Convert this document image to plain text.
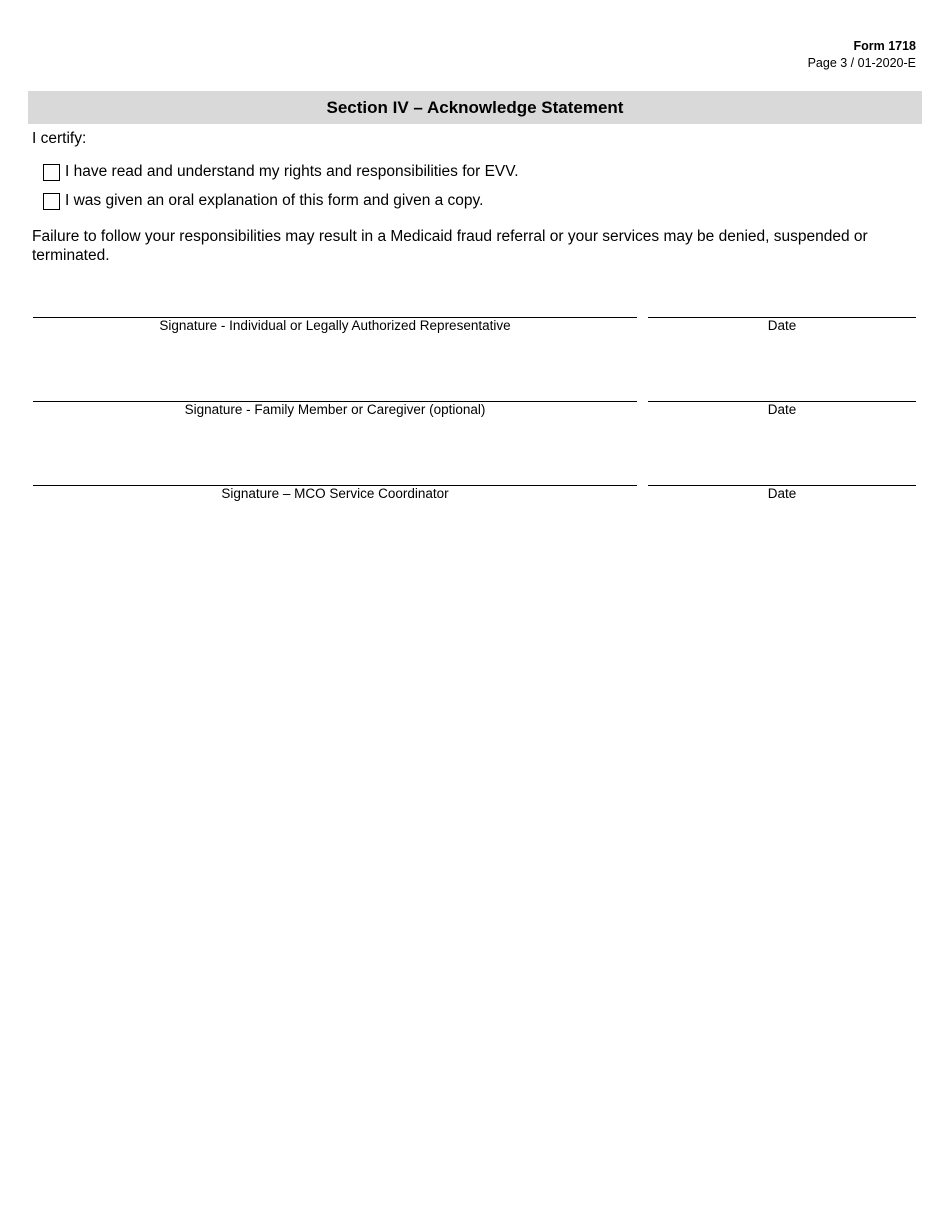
Form 1718
Page 3 / 01-2020-E
Section IV – Acknowledge Statement
I certify:
I have read and understand my rights and responsibilities for EVV.
I was given an oral explanation of this form and given a copy.
Failure to follow your responsibilities may result in a Medicaid fraud referral or your services may be denied, suspended or terminated.
Signature - Individual or Legally Authorized Representative	Date
Signature - Family Member or Caregiver (optional)	Date
Signature – MCO Service Coordinator	Date
